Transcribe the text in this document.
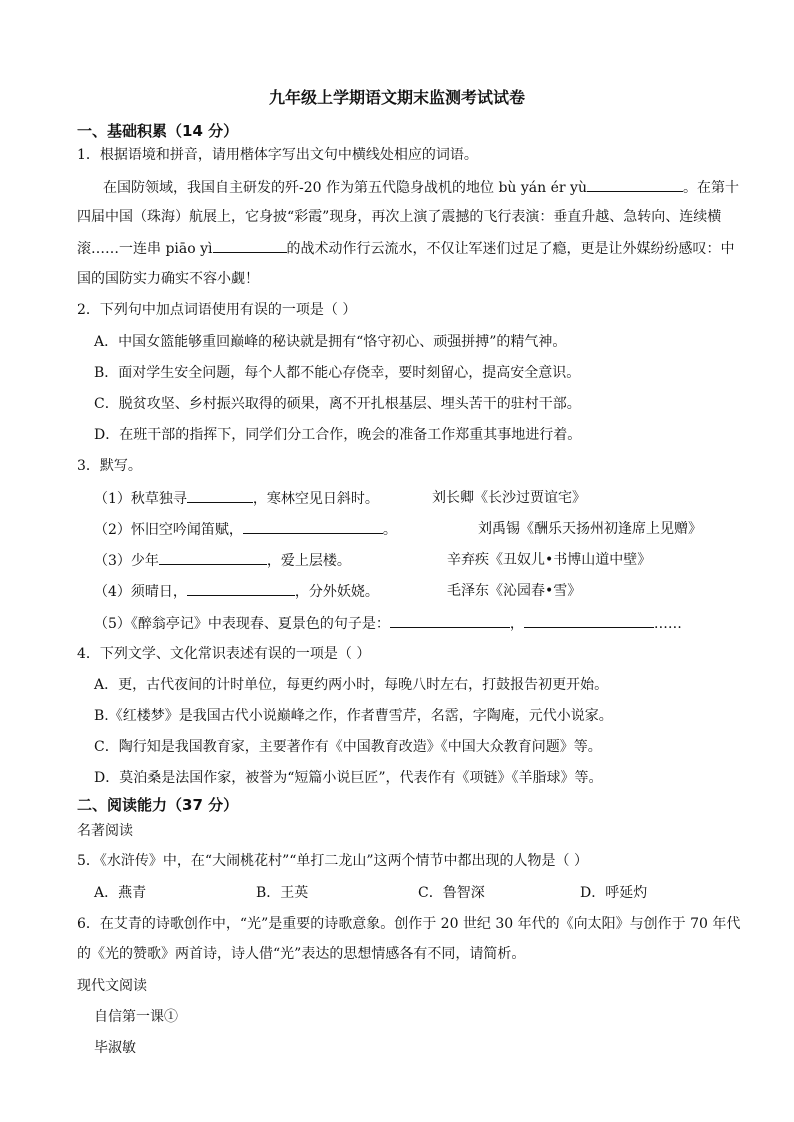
九年级上学期语文期末监测考试试卷
一、基础积累（14 分）
1．根据语境和拼音，请用楷体字写出文句中横线处相应的词语。
在国防领域，我国自主研发的歼-20 作为第五代隐身战机的地位 bù yán ér yù	。在第十
四届中国（珠海）航展上，它身披“彩霞”现身，再次上演了震撼的飞行表演：垂直升越、急转向、连续横
滚……一连串 piāo yì	的战术动作行云流水，不仅让军迷们过足了瘾，更是让外媒纷纷感叹：中
国的国防实力确实不容小觑！
2．下列句中加点词语使用有误的一项是（ ）
A．中国女篮能够重回巅峰的秘诀就是拥有“恪守初心、顽强拼搏”的精气神。
B．面对学生安全问题，每个人都不能心存侥幸，要时刻留心，提高安全意识。
C．脱贫攻坚、乡村振兴取得的硕果，离不开扎根基层、埋头苦干的驻村干部。
D．在班干部的指挥下，同学们分工合作，晚会的准备工作郑重其事地进行着。
3．默写。
（1）秋草独寻	，寒林空见日斜时。	刘长卿《长沙过贾谊宅》
（2）怀旧空吟闻笛赋，	。	刘禹锡《酬乐天扬州初逢席上见赠》
（3）少年	，爱上层楼。	辛弃疾《丑奴儿•书博山道中壁》
（4）须晴日，	，分外妖娆。	毛泽东《沁园春•雪》
（5）《醉翁亭记》中表现春、夏景色的句子是：	，	……
4．下列文学、文化常识表述有误的一项是（ ）
A．更，古代夜间的计时单位，每更约两小时，每晚八时左右，打鼓报告初更开始。
B.《红楼梦》是我国古代小说巅峰之作，作者曹雪芹，名霑，字陶庵，元代小说家。
C．陶行知是我国教育家，主要著作有《中国教育改造》《中国大众教育问题》等。
D．莫泊桑是法国作家，被誉为“短篇小说巨匠”，代表作有《项链》《羊脂球》等。
二、阅读能力（37 分）
名著阅读
5．《水浒传》中，在“大闹桃花村”“单打二龙山”这两个情节中都出现的人物是（ ）
A．燕青	B．王英	C．鲁智深	D．呼延灼
6．在艾青的诗歌创作中，“光”是重要的诗歌意象。创作于 20 世纪 30 年代的《向太阳》与创作于 70 年代
的《光的赞歌》两首诗，诗人借“光”表达的思想情感各有不同，请简析。
现代文阅读
自信第一课①
毕淑敏
